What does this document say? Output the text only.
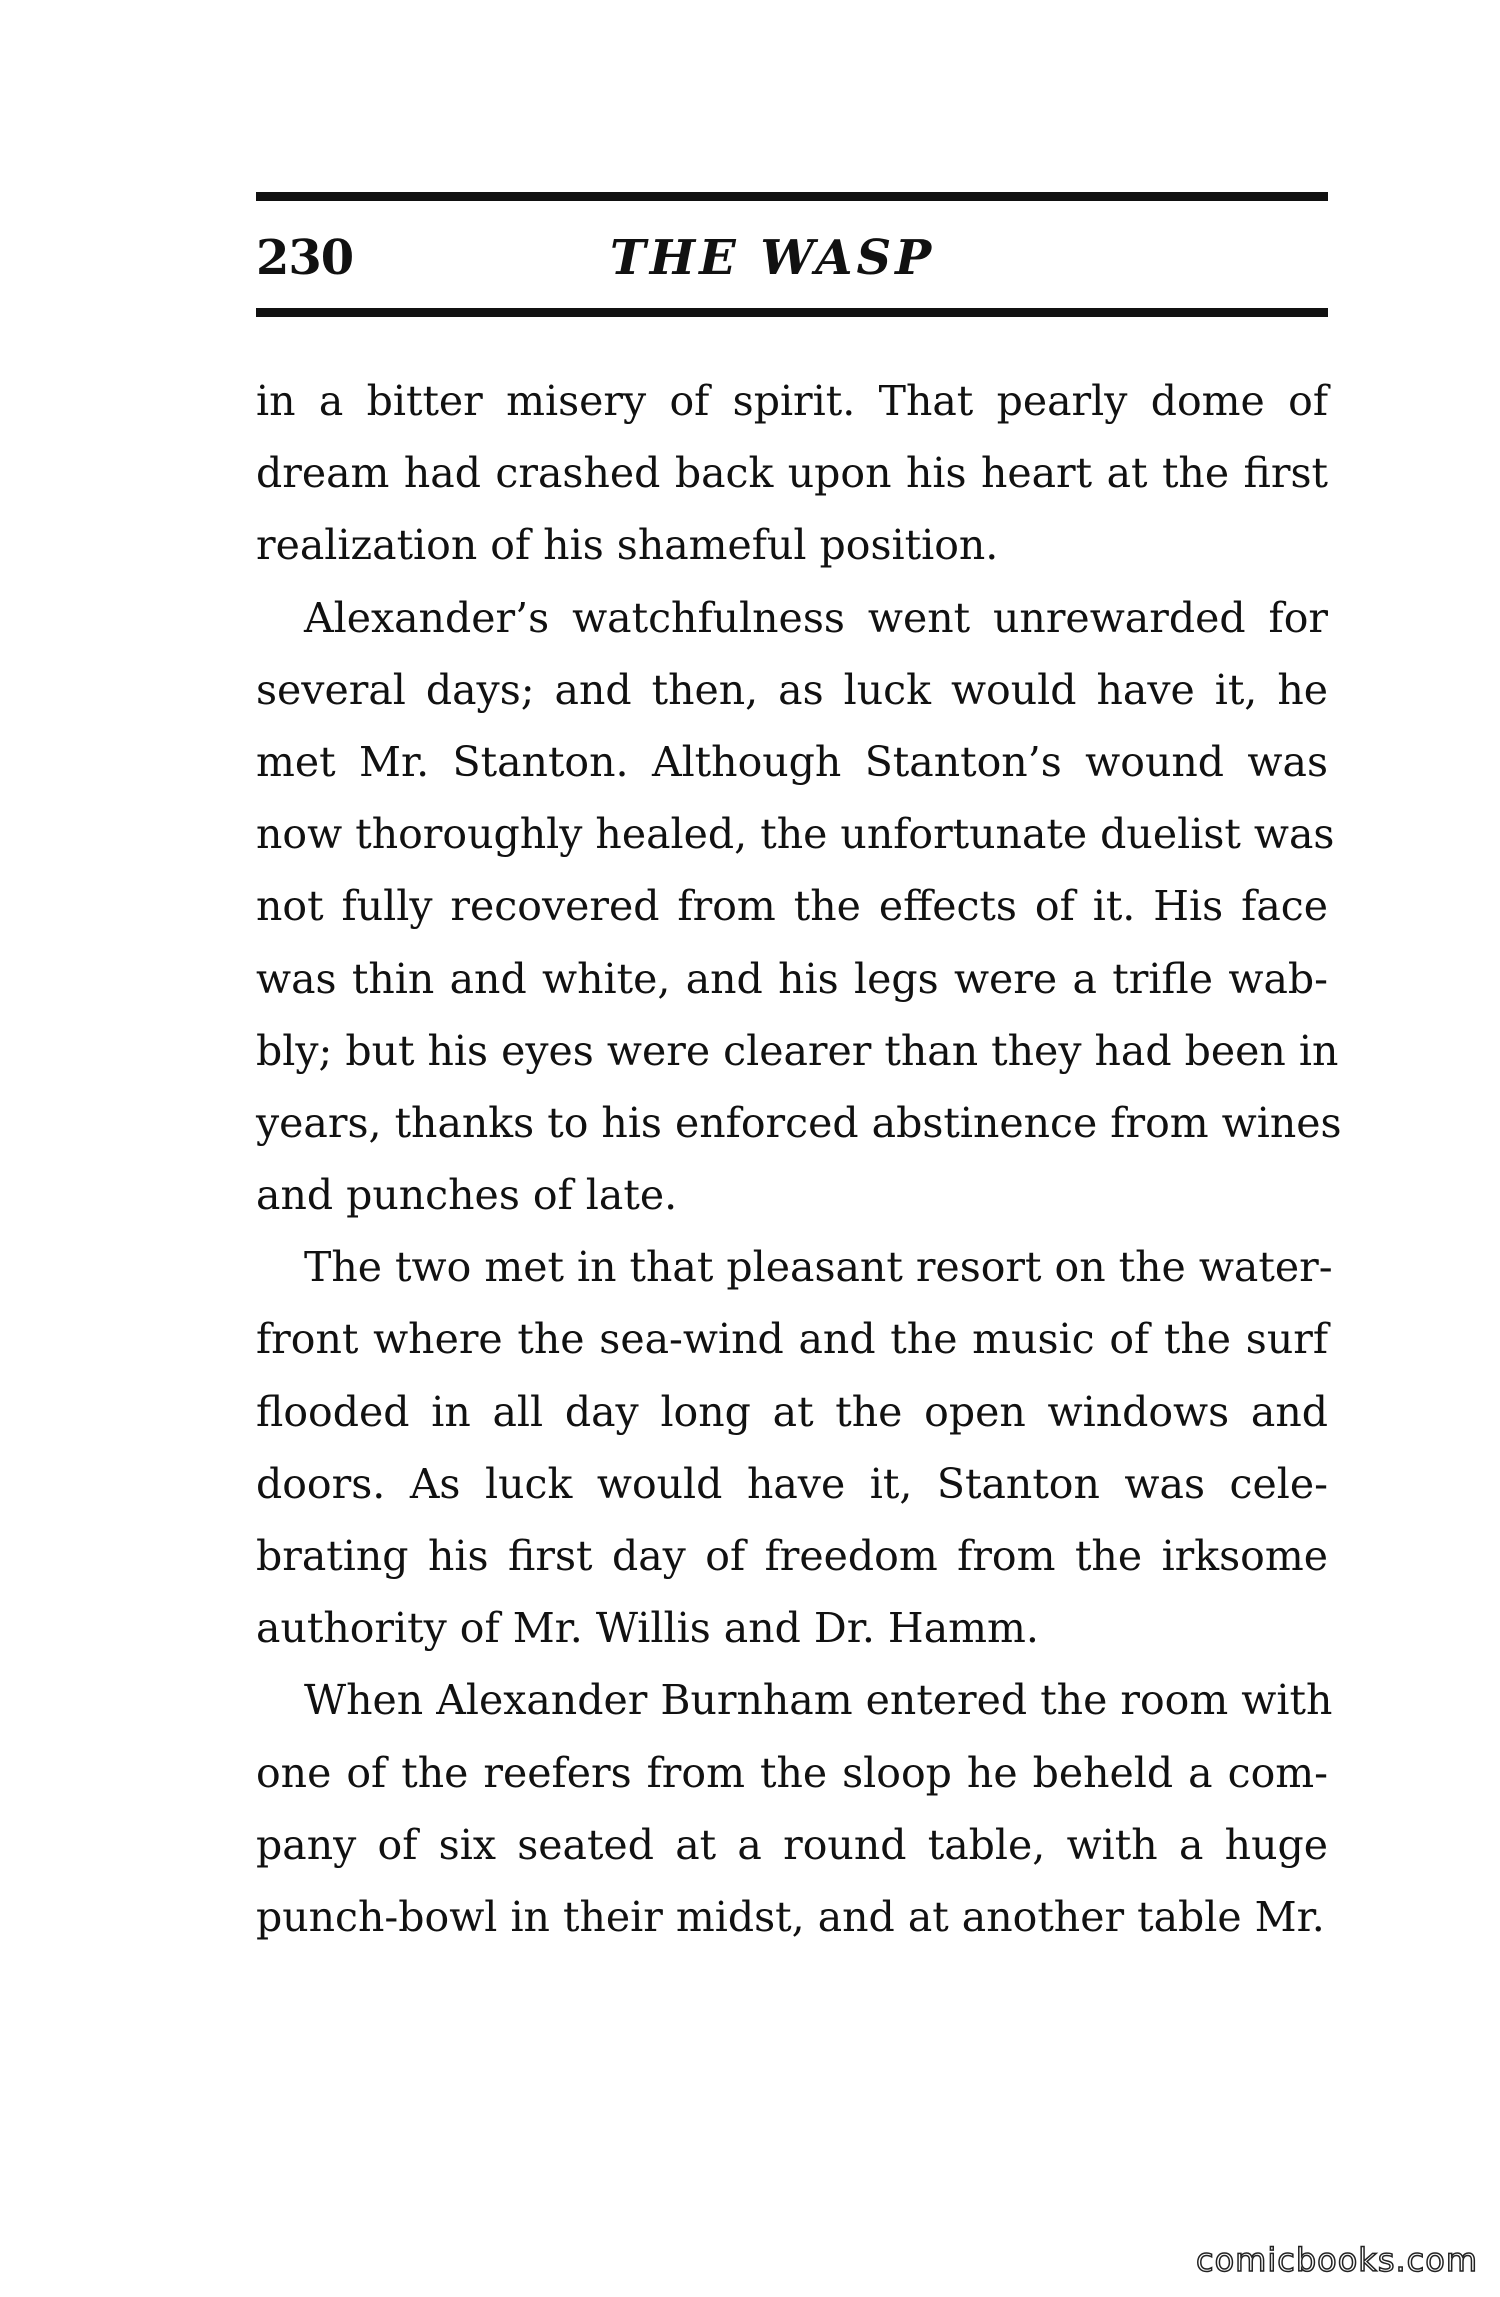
230	THE WASP

in a bitter misery of spirit. That pearly dome of
dream had crashed back upon his heart at the first
realization of his shameful position.

Alexander’s watchfulness went unrewarded for
several days; and then, as luck would have it, he
met Mr. Stanton. Although Stanton’s wound was
now thoroughly healed, the unfortunate duelist was
not fully recovered from the effects of it. His face
was thin and white, and his legs were a trifle wab-
bly; but his eyes were clearer than they had been in
years, thanks to his enforced abstinence from wines
and punches of late.

The two met in that pleasant resort on the water-
front where the sea-wind and the music of the surf
flooded in all day long at the open windows and
doors. As luck would have it, Stanton was cele-
brating his first day of freedom from the irksome
authority of Mr. Willis and Dr. Hamm.

When Alexander Burnham entered the room with
one of the reefers from the sloop he beheld a com-
pany of six seated at a round table, with a huge
punch-bowl in their midst, and at another table Mr.

comicbooks.com
